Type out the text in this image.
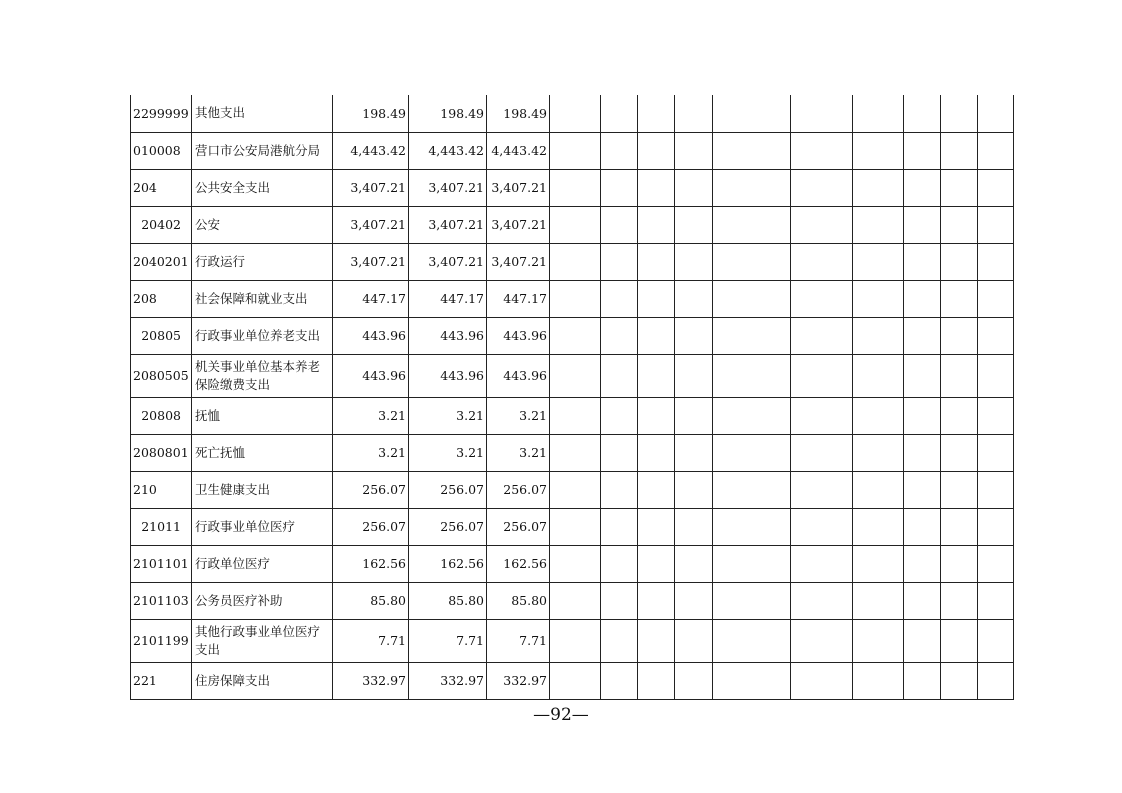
2299999	其他支出	198.49	198.49	198.49										
010008	营口市公安局港航分局	4,443.42	4,443.42	4,443.42										
204	公共安全支出	3,407.21	3,407.21	3,407.21										
20402	公安	3,407.21	3,407.21	3,407.21										
2040201	行政运行	3,407.21	3,407.21	3,407.21										
208	社会保障和就业支出	447.17	447.17	447.17										
20805	行政事业单位养老支出	443.96	443.96	443.96										
2080505	机关事业单位基本养老保险缴费支出	443.96	443.96	443.96										
20808	抚恤	3.21	3.21	3.21										
2080801	死亡抚恤	3.21	3.21	3.21										
210	卫生健康支出	256.07	256.07	256.07										
21011	行政事业单位医疗	256.07	256.07	256.07										
2101101	行政单位医疗	162.56	162.56	162.56										
2101103	公务员医疗补助	85.80	85.80	85.80										
2101199	其他行政事业单位医疗支出	7.71	7.71	7.71										
221	住房保障支出	332.97	332.97	332.97										
—92—
